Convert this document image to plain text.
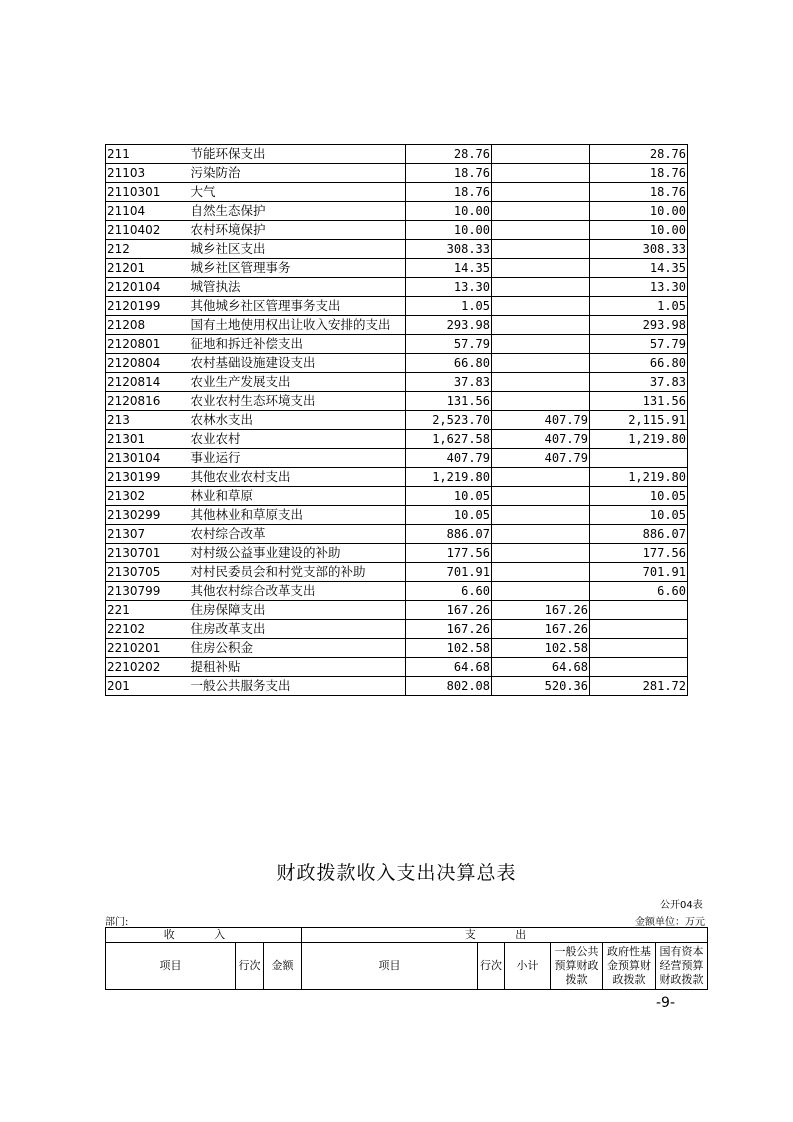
211	节能环保支出	28.76		28.76
21103	污染防治	18.76		18.76
2110301	大气	18.76		18.76
21104	自然生态保护	10.00		10.00
2110402	农村环境保护	10.00		10.00
212	城乡社区支出	308.33		308.33
21201	城乡社区管理事务	14.35		14.35
2120104	城管执法	13.30		13.30
2120199	其他城乡社区管理事务支出	1.05		1.05
21208	国有土地使用权出让收入安排的支出	293.98		293.98
2120801	征地和拆迁补偿支出	57.79		57.79
2120804	农村基础设施建设支出	66.80		66.80
2120814	农业生产发展支出	37.83		37.83
2120816	农业农村生态环境支出	131.56		131.56
213	农林水支出	2,523.70	407.79	2,115.91
21301	农业农村	1,627.58	407.79	1,219.80
2130104	事业运行	407.79	407.79	
2130199	其他农业农村支出	1,219.80		1,219.80
21302	林业和草原	10.05		10.05
2130299	其他林业和草原支出	10.05		10.05
21307	农村综合改革	886.07		886.07
2130701	对村级公益事业建设的补助	177.56		177.56
2130705	对村民委员会和村党支部的补助	701.91		701.91
2130799	其他农村综合改革支出	6.60		6.60
221	住房保障支出	167.26	167.26	
22102	住房改革支出	167.26	167.26	
2210201	住房公积金	102.58	102.58	
2210202	提租补贴	64.68	64.68	
201	一般公共服务支出	802.08	520.36	281.72
财政拨款收入支出决算总表
公开04表
部门:	金额单位：万元
收 入			支 出					
项目	行次	金额	项目	行次	小计	一般公共预算财政拨款	政府性基金预算财政拨款	国有资本经营预算财政拨款
-9-
